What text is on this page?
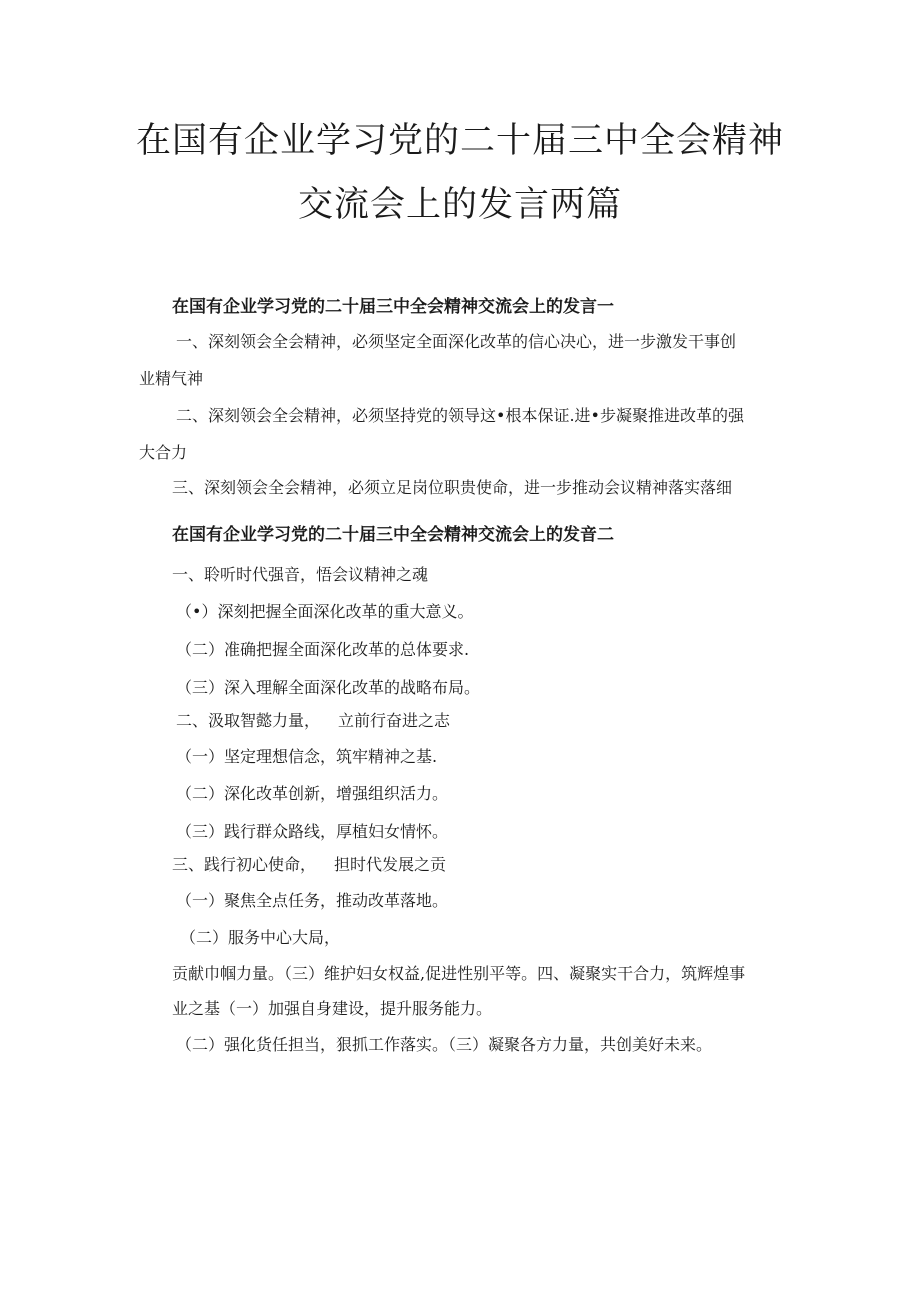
在国有企业学习党的二十届三中全会精神
交流会上的发言两篇
在国有企业学习党的二十届三中全会精神交流会上的发言一

一、深刻领会全会精神，必须坚定全面深化改革的信心决心，进一步激发干事创

业精气神

二、深刻领会全会精神，必须坚持党的领导这•根本保证.进•步凝聚推进改革的强

大合力

三、深刻领会全会精神，必须立足岗位职贵使命，进一步推动会议精神落实落细

在国有企业学习党的二十届三中全会精神交流会上的发音二

一、聆听时代强音，悟会议精神之魂

（•）深刻把握全面深化改革的重大意义。

（二）准确把握全面深化改革的总体要求.

（三）深入理解全面深化改革的战略布局。

二、汲取智懿力量， 立前行奋进之志

（一）坚定理想信念，筑牢精神之基.

（二）深化改革创新，增强组织活力。

（三）践行群众路线，厚植妇女情怀。

三、践行初心使命， 担时代发展之贡

（一）聚焦全点任务，推动改革落地。

（二）服务中心大局，

贡献巾帼力量。（三）维护妇女权益,促进性别平等。四、凝聚实干合力，筑辉煌事

业之基（一）加强自身建设，提升服务能力。

（二）强化货任担当，狠抓工作落实。（三）凝聚各方力量，共创美好未来。
